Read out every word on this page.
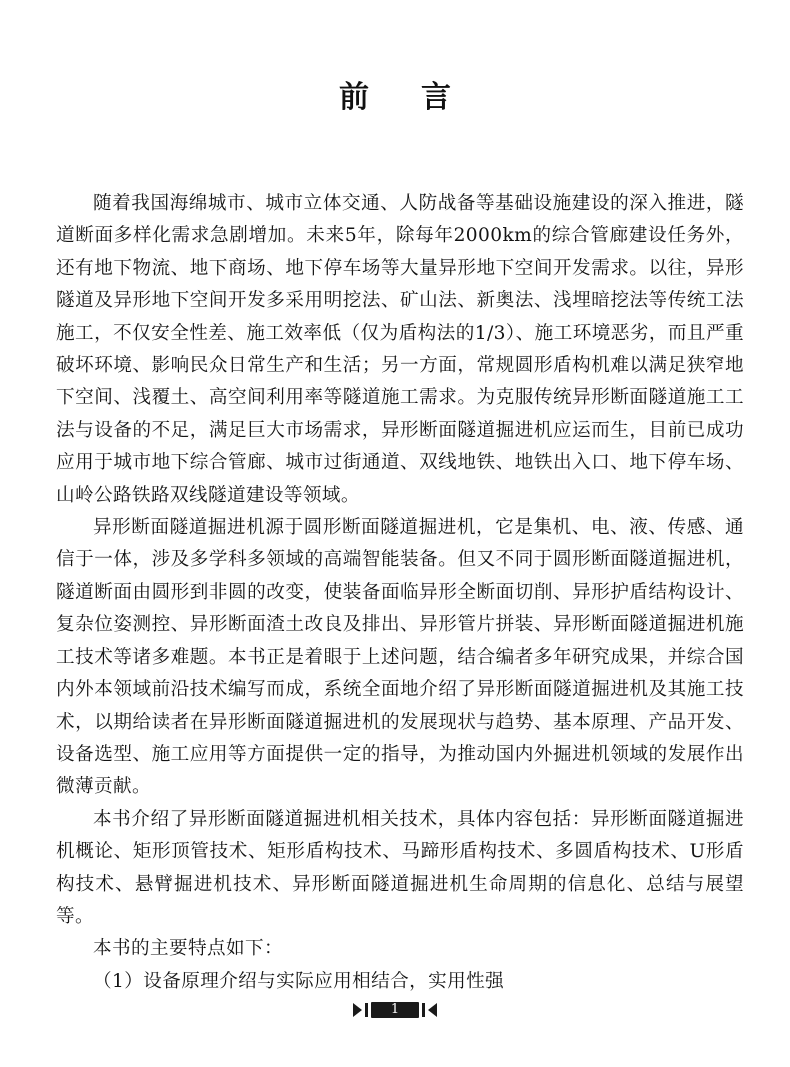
前言

随着我国海绵城市、城市立体交通、人防战备等基础设施建设的深入推进，隧道断面多样化需求急剧增加。未来5年，除每年2000km的综合管廊建设任务外，还有地下物流、地下商场、地下停车场等大量异形地下空间开发需求。以往，异形隧道及异形地下空间开发多采用明挖法、矿山法、新奥法、浅埋暗挖法等传统工法施工，不仅安全性差、施工效率低（仅为盾构法的1/3）、施工环境恶劣，而且严重破坏环境、影响民众日常生产和生活；另一方面，常规圆形盾构机难以满足狭窄地下空间、浅覆土、高空间利用率等隧道施工需求。为克服传统异形断面隧道施工工法与设备的不足，满足巨大市场需求，异形断面隧道掘进机应运而生，目前已成功应用于城市地下综合管廊、城市过街通道、双线地铁、地铁出入口、地下停车场、山岭公路铁路双线隧道建设等领域。

异形断面隧道掘进机源于圆形断面隧道掘进机，它是集机、电、液、传感、通信于一体，涉及多学科多领域的高端智能装备。但又不同于圆形断面隧道掘进机，隧道断面由圆形到非圆的改变，使装备面临异形全断面切削、异形护盾结构设计、复杂位姿测控、异形断面渣土改良及排出、异形管片拼装、异形断面隧道掘进机施工技术等诸多难题。本书正是着眼于上述问题，结合编者多年研究成果，并综合国内外本领域前沿技术编写而成，系统全面地介绍了异形断面隧道掘进机及其施工技术，以期给读者在异形断面隧道掘进机的发展现状与趋势、基本原理、产品开发、设备选型、施工应用等方面提供一定的指导，为推动国内外掘进机领域的发展作出微薄贡献。

本书介绍了异形断面隧道掘进机相关技术，具体内容包括：异形断面隧道掘进机概论、矩形顶管技术、矩形盾构技术、马蹄形盾构技术、多圆盾构技术、U形盾构技术、悬臂掘进机技术、异形断面隧道掘进机生命周期的信息化、总结与展望等。

本书的主要特点如下：

（1）设备原理介绍与实际应用相结合，实用性强

1
